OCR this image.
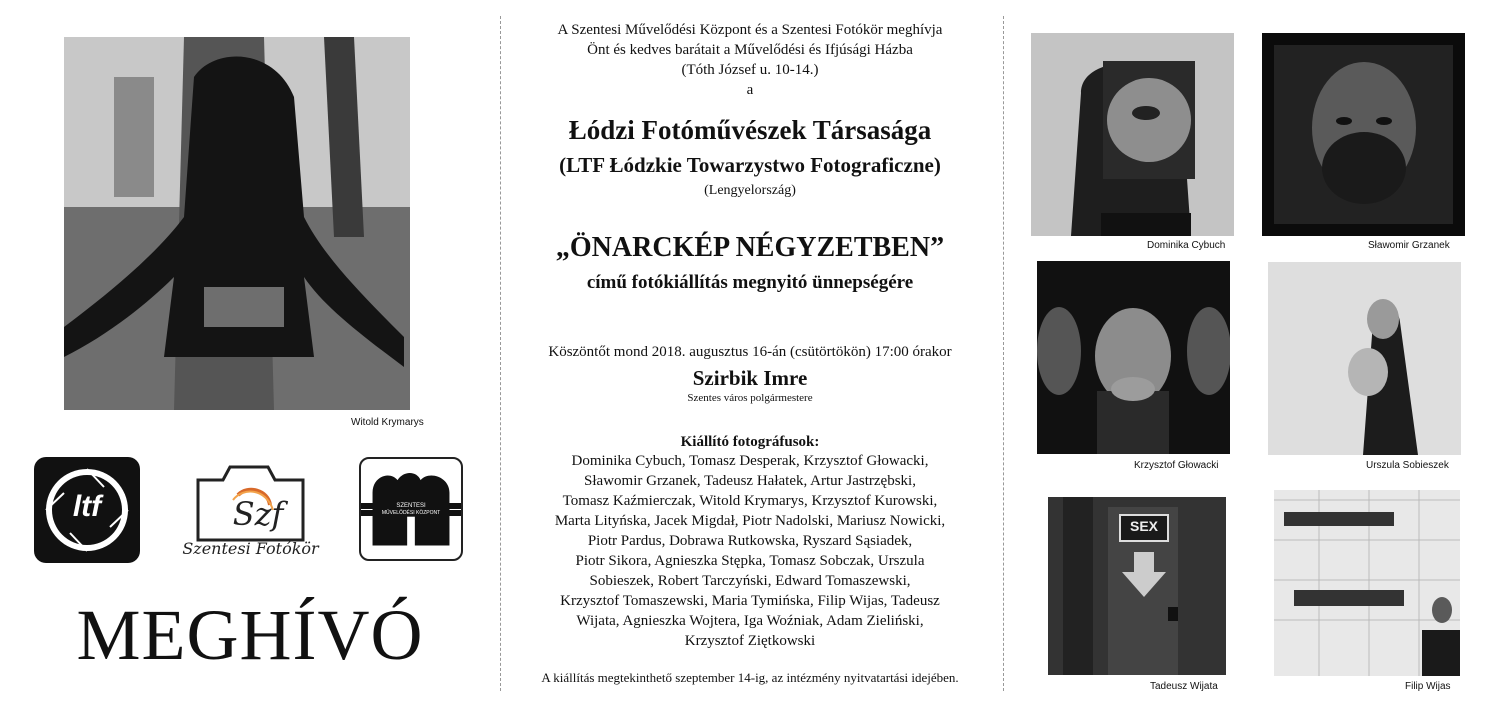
Witold Krymarys
ltf	Szf
Szentesi Fotókör
SZENTESI
MŰVELŐDÉSI KÖZPONT
MEGHÍVÓ
A Szentesi Művelődési Központ és a Szentesi Fotókör meghívja
Önt és kedves barátait a Művelődési és Ifjúsági Házba
(Tóth József u. 10-14.)
a
Łódzi Fotóművészek Társasága
(LTF Łódzkie Towarzystwo Fotograficzne)
(Lengyelország)
„ÖNARCKÉP NÉGYZETBEN”
című fotókiállítás megnyitó ünnepségére
Köszöntőt mond 2018. augusztus 16-án (csütörtökön) 17:00 órakor
Szirbik Imre
Szentes város polgármestere
Kiállító fotográfusok:
Dominika Cybuch, Tomasz Desperak, Krzysztof Głowacki,
Sławomir Grzanek, Tadeusz Hałatek, Artur Jastrzębski,
Tomasz Kaźmierczak, Witold Krymarys, Krzysztof Kurowski,
Marta Lityńska, Jacek Migdał, Piotr Nadolski, Mariusz Nowicki,
Piotr Pardus, Dobrawa Rutkowska, Ryszard Sąsiadek,
Piotr Sikora, Agnieszka Stępka, Tomasz Sobczak, Urszula
Sobieszek, Robert Tarczyński, Edward Tomaszewski,
Krzysztof Tomaszewski, Maria Tymińska, Filip Wijas, Tadeusz
Wijata, Agnieszka Wojtera, Iga Woźniak, Adam Zieliński,
Krzysztof Ziętkowski
A kiállítás megtekinthető szeptember 14-ig, az intézmény nyitvatartási idejében.
Dominika Cybuch	Sławomir Grzanek
Krzysztof Głowacki	Urszula Sobieszek
SEX
Tadeusz Wijata	Filip Wijas
